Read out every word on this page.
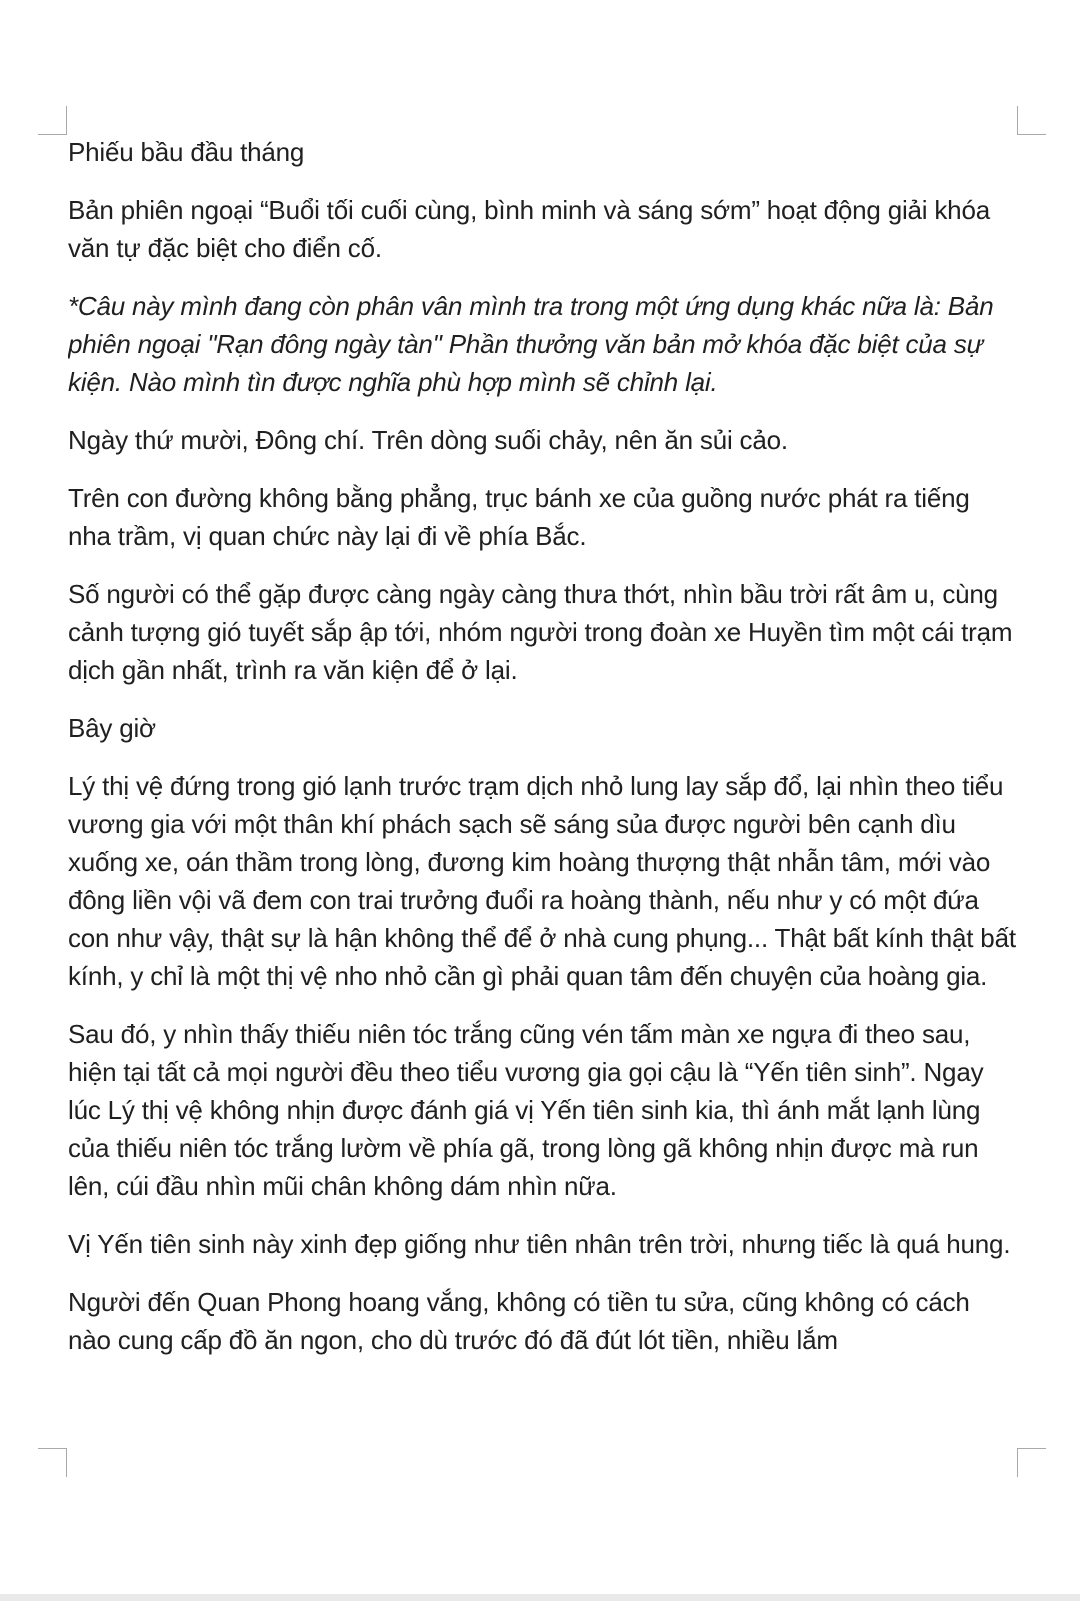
Phiếu bầu đầu tháng

Bản phiên ngoại “Buổi tối cuối cùng, bình minh và sáng sớm” hoạt động giải khóa văn tự đặc biệt cho điển cố.

*Câu này mình đang còn phân vân mình tra trong một ứng dụng khác nữa là: Bản phiên ngoại "Rạn đông ngày tàn" Phần thưởng văn bản mở khóa đặc biệt của sự kiện. Nào mình tìn được nghĩa phù hợp mình sẽ chỉnh lại.

Ngày thứ mười, Đông chí. Trên dòng suối chảy, nên ăn sủi cảo.

Trên con đường không bằng phẳng, trục bánh xe của guồng nước phát ra tiếng nha trầm, vị quan chức này lại đi về phía Bắc.

Số người có thể gặp được càng ngày càng thưa thớt, nhìn bầu trời rất âm u, cùng cảnh tượng gió tuyết sắp ập tới, nhóm người trong đoàn xe Huyền tìm một cái trạm dịch gần nhất, trình ra văn kiện để ở lại.

Bây giờ

Lý thị vệ đứng trong gió lạnh trước trạm dịch nhỏ lung lay sắp đổ, lại nhìn theo tiểu vương gia với một thân khí phách sạch sẽ sáng sủa được người bên cạnh dìu xuống xe, oán thầm trong lòng, đương kim hoàng thượng thật nhẫn tâm, mới vào đông liền vội vã đem con trai trưởng đuổi ra hoàng thành, nếu như y có một đứa con như vậy, thật sự là hận không thể để ở nhà cung phụng... Thật bất kính thật bất kính, y chỉ là một thị vệ nho nhỏ cần gì phải quan tâm đến chuyện của hoàng gia.

Sau đó, y nhìn thấy thiếu niên tóc trắng cũng vén tấm màn xe ngựa đi theo sau, hiện tại tất cả mọi người đều theo tiểu vương gia gọi cậu là “Yến tiên sinh”. Ngay lúc Lý thị vệ không nhịn được đánh giá vị Yến tiên sinh kia, thì ánh mắt lạnh lùng của thiếu niên tóc trắng lườm về phía gã, trong lòng gã không nhịn được mà run lên, cúi đầu nhìn mũi chân không dám nhìn nữa.

Vị Yến tiên sinh này xinh đẹp giống như tiên nhân trên trời, nhưng tiếc là quá hung.

Người đến Quan Phong hoang vắng, không có tiền tu sửa, cũng không có cách nào cung cấp đồ ăn ngon, cho dù trước đó đã đút lót tiền, nhiều lắm
